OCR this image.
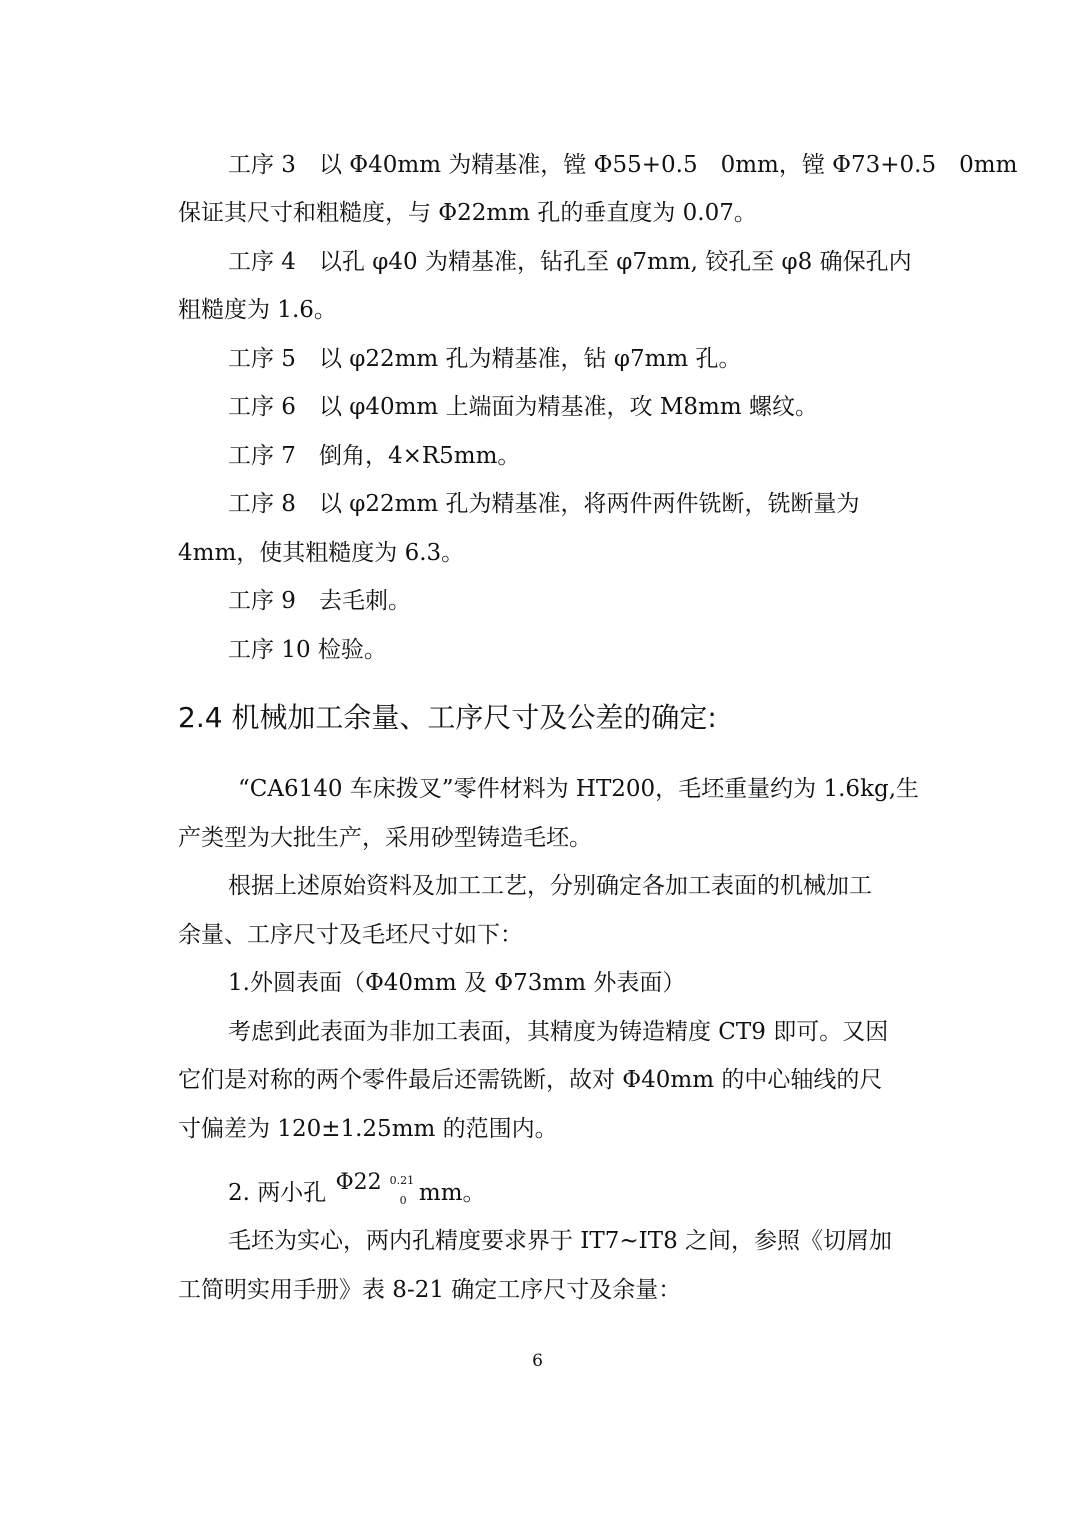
工序 3　以 Φ40mm 为精基准，镗 Φ55+0.5　0mm，镗 Φ73+0.5　0mm
保证其尺寸和粗糙度，与 Φ22mm 孔的垂直度为 0.07。
工序 4　以孔 φ40 为精基准，钻孔至 φ7mm, 铰孔至 φ8 确保孔内
粗糙度为 1.6。
工序 5　以 φ22mm 孔为精基准，钻 φ7mm 孔。
工序 6　以 φ40mm 上端面为精基准，攻 M8mm 螺纹。
工序 7　倒角，4×R5mm。
工序 8　以 φ22mm 孔为精基准，将两件两件铣断，铣断量为
4mm，使其粗糙度为 6.3。
工序 9　去毛刺。
工序 10 检验。
2.4 机械加工余量、工序尺寸及公差的确定:
“CA6140 车床拨叉”零件材料为 HT200，毛坯重量约为 1.6kg,生
产类型为大批生产，采用砂型铸造毛坯。
根据上述原始资料及加工工艺，分别确定各加工表面的机械加工
余量、工序尺寸及毛坯尺寸如下：
1.外圆表面（Φ40mm 及 Φ73mm 外表面）
考虑到此表面为非加工表面，其精度为铸造精度 CT9 即可。又因
它们是对称的两个零件最后还需铣断，故对 Φ40mm 的中心轴线的尺
寸偏差为 120±1.25mm 的范围内。
2. 两小孔 Φ22 0.21
0 mm。
毛坯为实心，两内孔精度要求界于 IT7~IT8 之间，参照《切屑加
工简明实用手册》表 8-21 确定工序尺寸及余量：
6
